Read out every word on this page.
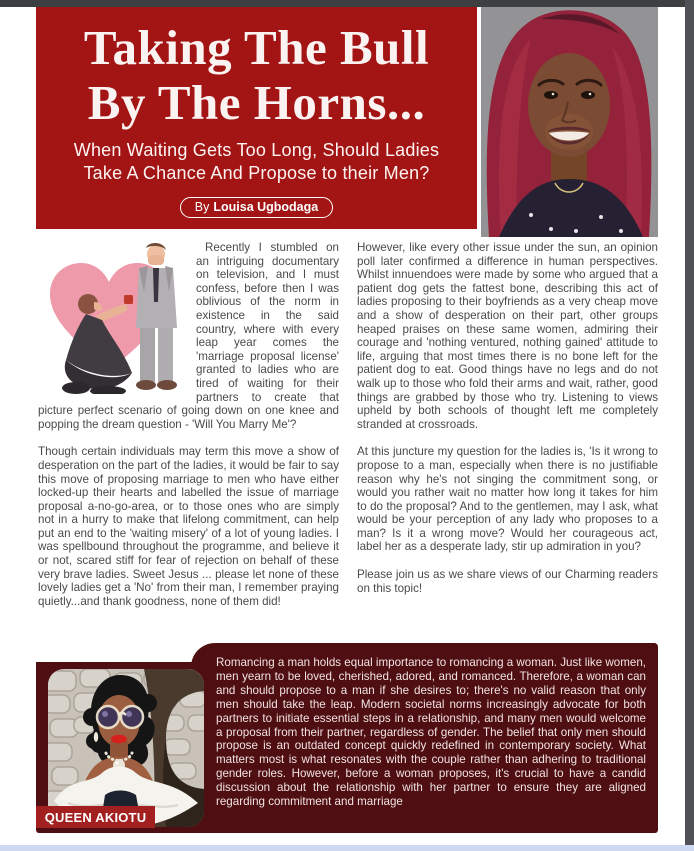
Taking The Bull
By The Horns...
When Waiting Gets Too Long, Should Ladies
Take A Chance And Propose to their Men?
By Louisa Ugbodaga

Recently I stumbled on an intriguing documentary on television, and I must confess, before then I was oblivious of the norm in existence in the said country, where with every leap year comes the 'marriage proposal license' granted to ladies who are tired of waiting for their partners to create that picture perfect scenario of going down on one knee and popping the dream question - 'Will You Marry Me'?

Though certain individuals may term this move a show of desperation on the part of the ladies, it would be fair to say this move of proposing marriage to men who have either locked-up their hearts and labelled the issue of marriage proposal a-no-go-area, or to those ones who are simply not in a hurry to make that lifelong commitment, can help put an end to the 'waiting misery' of a lot of young ladies. I was spellbound throughout the programme, and believe it or not, scared stiff for fear of rejection on behalf of these very brave ladies. Sweet Jesus ... please let none of these lovely ladies get a 'No' from their man, I remember praying quietly...and thank goodness, none of them did!

However, like every other issue under the sun, an opinion poll later confirmed a difference in human perspectives. Whilst innuendoes were made by some who argued that a patient dog gets the fattest bone, describing this act of ladies proposing to their boyfriends as a very cheap move and a show of desperation on their part, other groups heaped praises on these same women, admiring their courage and 'nothing ventured, nothing gained' attitude to life, arguing that most times there is no bone left for the patient dog to eat. Good things have no legs and do not walk up to those who fold their arms and wait, rather, good things are grabbed by those who try. Listening to views upheld by both schools of thought left me completely stranded at crossroads.

At this juncture my question for the ladies is, 'Is it wrong to propose to a man, especially when there is no justifiable reason why he's not singing the commitment song, or would you rather wait no matter how long it takes for him to do the proposal? And to the gentlemen, may I ask, what would be your perception of any lady who proposes to a man? Is it a wrong move? Would her courageous act, label her as a desperate lady, stir up admiration in you?

Please join us as we share views of our Charming readers on this topic!

QUEEN AKIOTU

Romancing a man holds equal importance to romancing a woman. Just like women, men yearn to be loved, cherished, adored, and romanced. Therefore, a woman can and should propose to a man if she desires to; there's no valid reason that only men should take the leap. Modern societal norms increasingly advocate for both partners to initiate essential steps in a relationship, and many men would welcome a proposal from their partner, regardless of gender. The belief that only men should propose is an outdated concept quickly redefined in contemporary society. What matters most is what resonates with the couple rather than adhering to traditional gender roles. However, before a woman proposes, it's crucial to have a candid discussion about the relationship with her partner to ensure they are aligned regarding commitment and marriage
